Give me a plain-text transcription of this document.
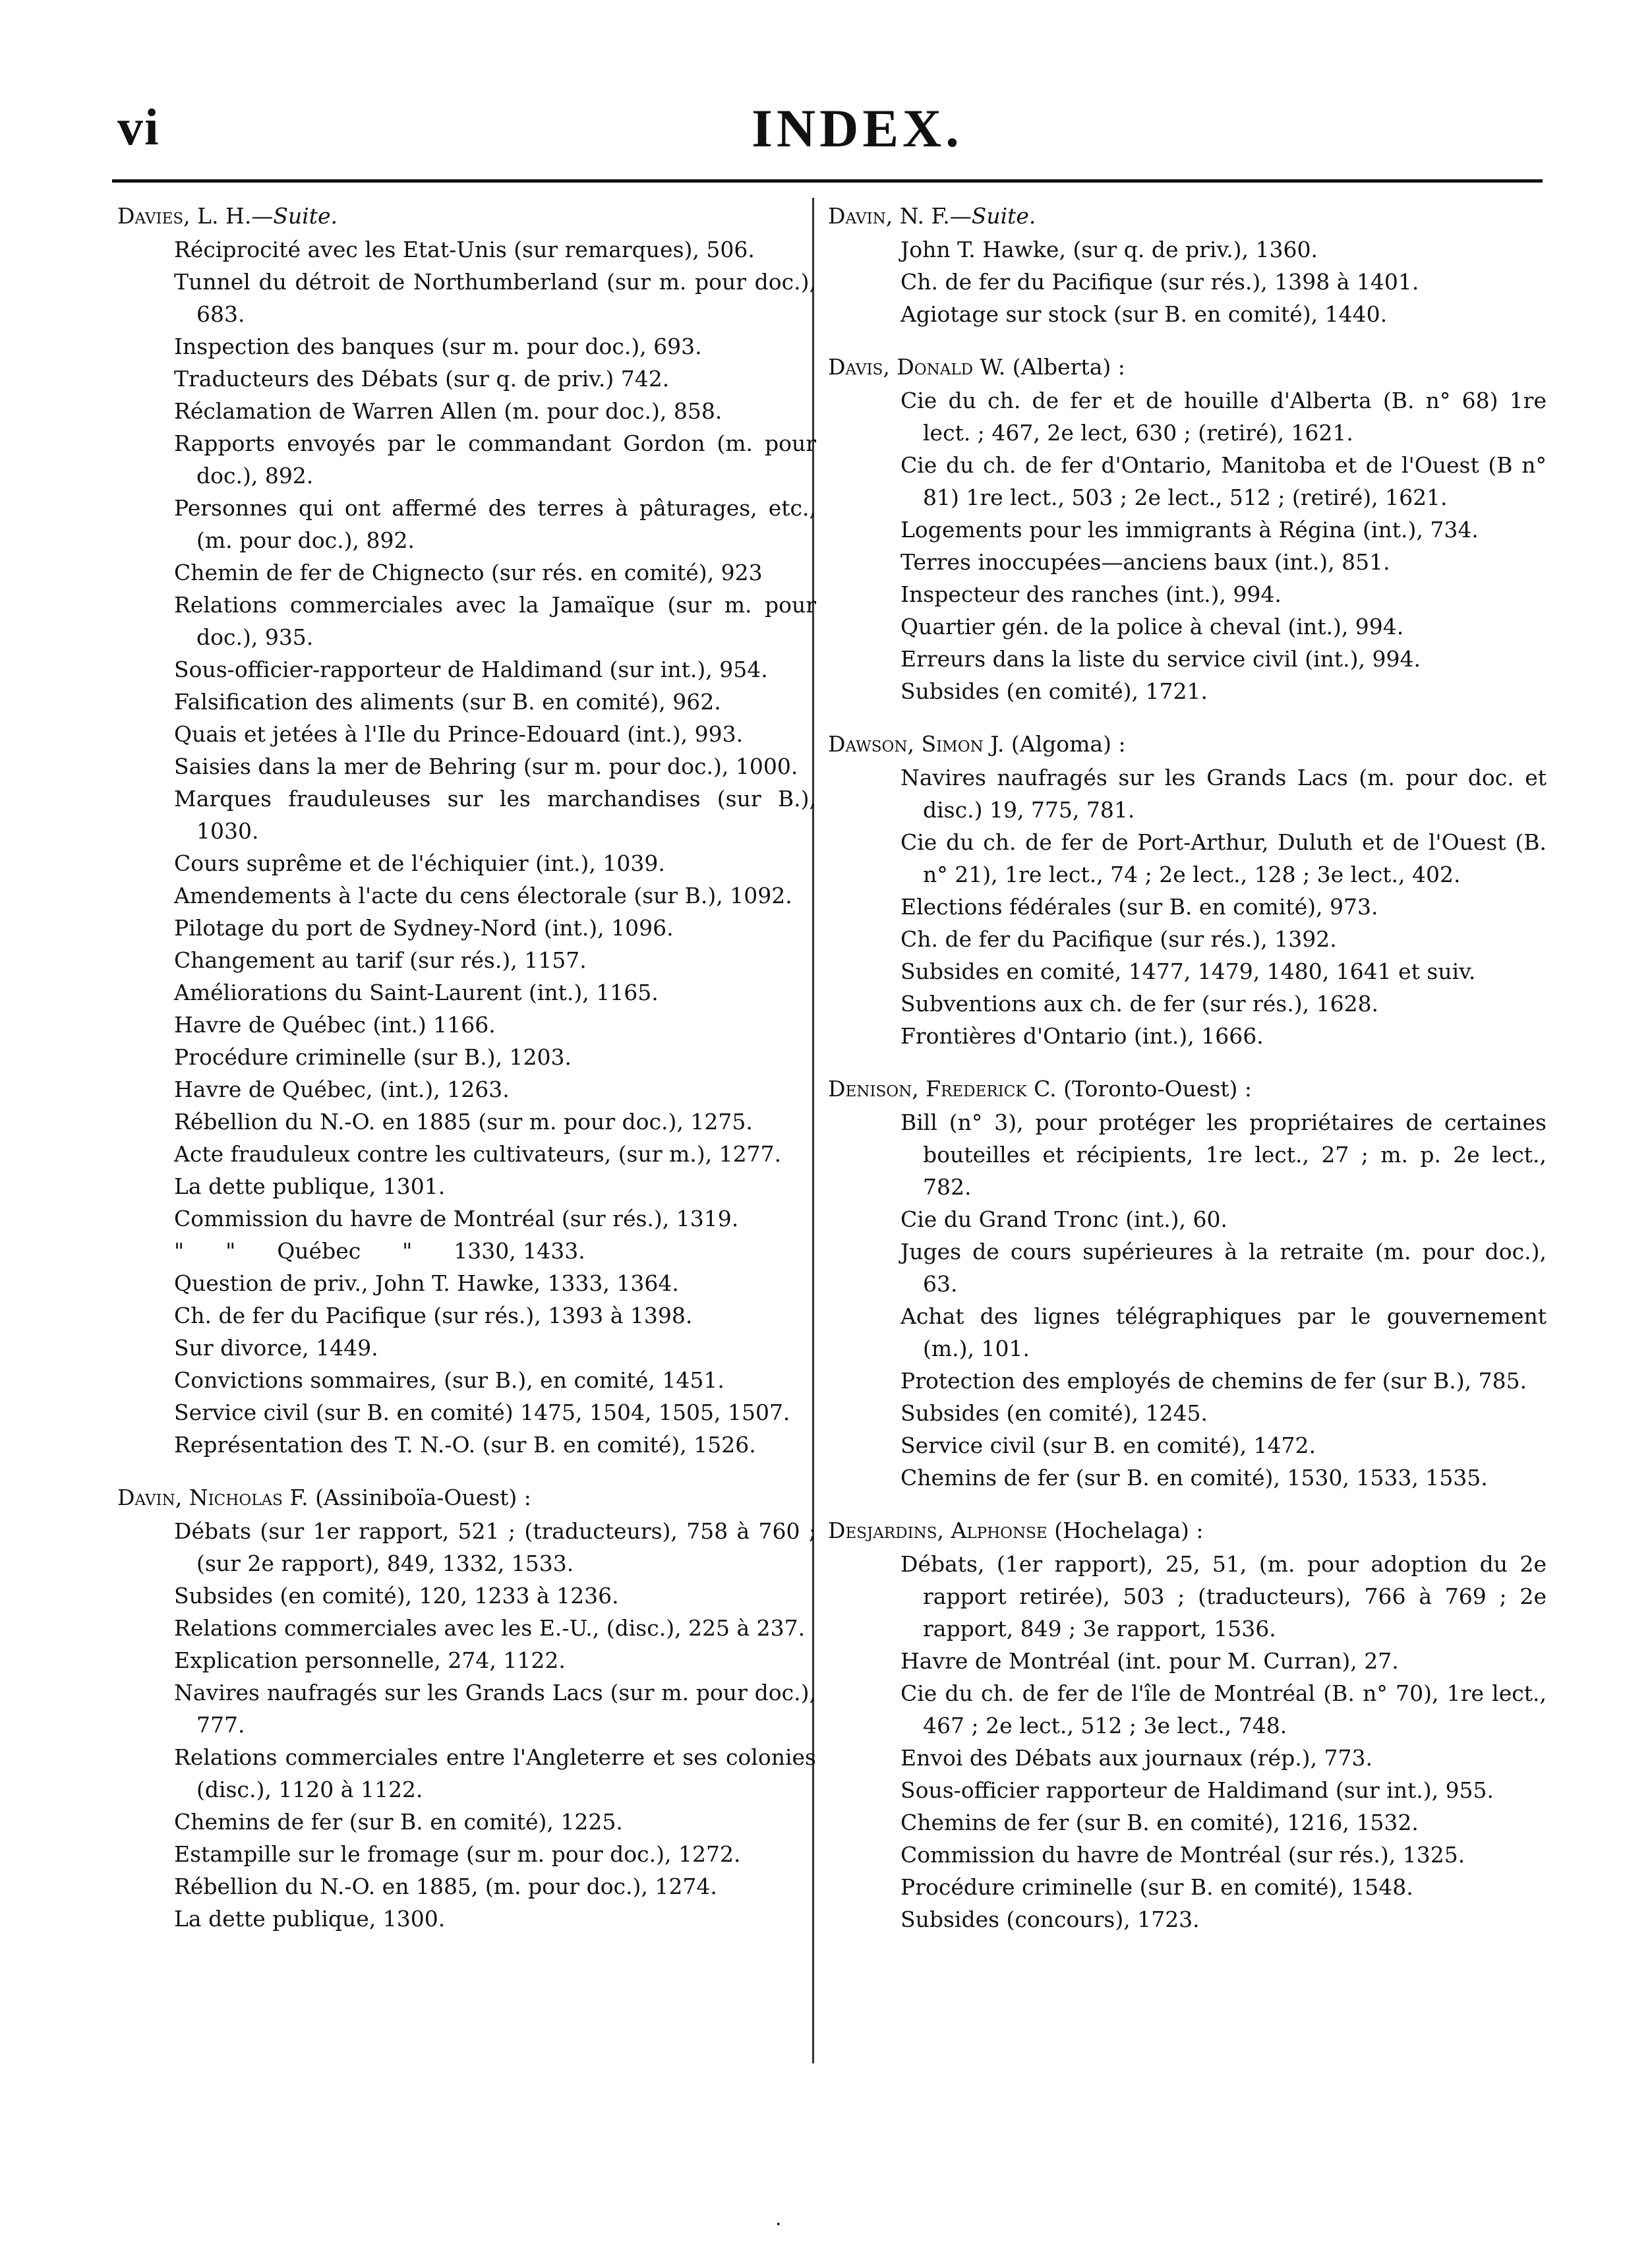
vi	INDEX.
Davies, L. H.—Suite.
Réciprocité avec les Etat-Unis (sur remarques), 506.
Tunnel du détroit de Northumberland (sur m. pour doc.), 683.
Inspection des banques (sur m. pour doc.), 693.
Traducteurs des Débats (sur q. de priv.) 742.
Réclamation de Warren Allen (m. pour doc.), 858.
Rapports envoyés par le commandant Gordon (m. pour doc.), 892.
Personnes qui ont affermé des terres à pâturages, etc., (m. pour doc.), 892.
Chemin de fer de Chignecto (sur rés. en comité), 923
Relations commerciales avec la Jamaïque (sur m. pour doc.), 935.
Sous-officier-rapporteur de Haldimand (sur int.), 954.
Falsification des aliments (sur B. en comité), 962.
Quais et jetées à l'Ile du Prince-Edouard (int.), 993.
Saisies dans la mer de Behring (sur m. pour doc.), 1000.
Marques frauduleuses sur les marchandises (sur B.), 1030.
Cours suprême et de l'échiquier (int.), 1039.
Amendements à l'acte du cens électorale (sur B.), 1092.
Pilotage du port de Sydney-Nord (int.), 1096.
Changement au tarif (sur rés.), 1157.
Améliorations du Saint-Laurent (int.), 1165.
Havre de Québec (int.) 1166.
Procédure criminelle (sur B.), 1203.
Havre de Québec, (int.), 1263.
Rébellion du N.-O. en 1885 (sur m. pour doc.), 1275.
Acte frauduleux contre les cultivateurs, (sur m.), 1277.
La dette publique, 1301.
Commission du havre de Montréal (sur rés.), 1319.
"      "      Québec      "      1330, 1433.
Question de priv., John T. Hawke, 1333, 1364.
Ch. de fer du Pacifique (sur rés.), 1393 à 1398.
Sur divorce, 1449.
Convictions sommaires, (sur B.), en comité, 1451.
Service civil (sur B. en comité) 1475, 1504, 1505, 1507.
Représentation des T. N.-O. (sur B. en comité), 1526.
Davin, Nicholas F. (Assiniboïa-Ouest) :
Débats (sur 1er rapport, 521 ; (traducteurs), 758 à 760 ; (sur 2e rapport), 849, 1332, 1533.
Subsides (en comité), 120, 1233 à 1236.
Relations commerciales avec les E.-U., (disc.), 225 à 237.
Explication personnelle, 274, 1122.
Navires naufragés sur les Grands Lacs (sur m. pour doc.), 777.
Relations commerciales entre l'Angleterre et ses colonies (disc.), 1120 à 1122.
Chemins de fer (sur B. en comité), 1225.
Estampille sur le fromage (sur m. pour doc.), 1272.
Rébellion du N.-O. en 1885, (m. pour doc.), 1274.
La dette publique, 1300.
Davin, N. F.—Suite.
John T. Hawke, (sur q. de priv.), 1360.
Ch. de fer du Pacifique (sur rés.), 1398 à 1401.
Agiotage sur stock (sur B. en comité), 1440.
Davis, Donald W. (Alberta) :
Cie du ch. de fer et de houille d'Alberta (B. n° 68) 1re lect. ; 467, 2e lect, 630 ; (retiré), 1621.
Cie du ch. de fer d'Ontario, Manitoba et de l'Ouest (B n° 81) 1re lect., 503 ; 2e lect., 512 ; (retiré), 1621.
Logements pour les immigrants à Régina (int.), 734.
Terres inoccupées—anciens baux (int.), 851.
Inspecteur des ranches (int.), 994.
Quartier gén. de la police à cheval (int.), 994.
Erreurs dans la liste du service civil (int.), 994.
Subsides (en comité), 1721.
Dawson, Simon J. (Algoma) :
Navires naufragés sur les Grands Lacs (m. pour doc. et disc.) 19, 775, 781.
Cie du ch. de fer de Port-Arthur, Duluth et de l'Ouest (B. n° 21), 1re lect., 74 ; 2e lect., 128 ; 3e lect., 402.
Elections fédérales (sur B. en comité), 973.
Ch. de fer du Pacifique (sur rés.), 1392.
Subsides en comité, 1477, 1479, 1480, 1641 et suiv.
Subventions aux ch. de fer (sur rés.), 1628.
Frontières d'Ontario (int.), 1666.
Denison, Frederick C. (Toronto-Ouest) :
Bill (n° 3), pour protéger les propriétaires de certaines bouteilles et récipients, 1re lect., 27 ; m. p. 2e lect., 782.
Cie du Grand Tronc (int.), 60.
Juges de cours supérieures à la retraite (m. pour doc.), 63.
Achat des lignes télégraphiques par le gouvernement (m.), 101.
Protection des employés de chemins de fer (sur B.), 785.
Subsides (en comité), 1245.
Service civil (sur B. en comité), 1472.
Chemins de fer (sur B. en comité), 1530, 1533, 1535.
Desjardins, Alphonse (Hochelaga) :
Débats, (1er rapport), 25, 51, (m. pour adoption du 2e rapport retirée), 503 ; (traducteurs), 766 à 769 ; 2e rapport, 849 ; 3e rapport, 1536.
Havre de Montréal (int. pour M. Curran), 27.
Cie du ch. de fer de l'île de Montréal (B. n° 70), 1re lect., 467 ; 2e lect., 512 ; 3e lect., 748.
Envoi des Débats aux journaux (rép.), 773.
Sous-officier rapporteur de Haldimand (sur int.), 955.
Chemins de fer (sur B. en comité), 1216, 1532.
Commission du havre de Montréal (sur rés.), 1325.
Procédure criminelle (sur B. en comité), 1548.
Subsides (concours), 1723.
.
